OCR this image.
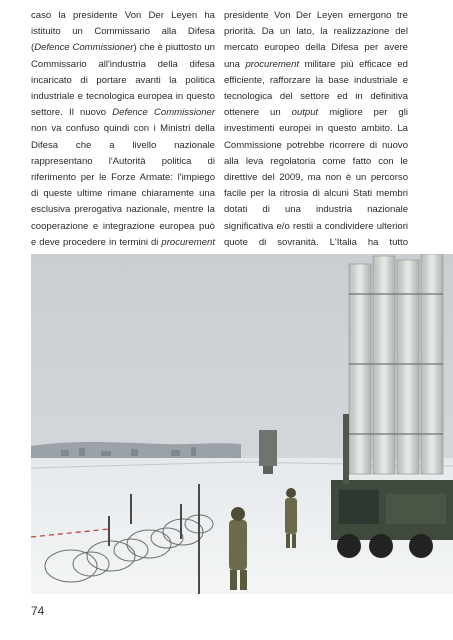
caso la presidente Von Der Leyen ha istituito un Commissario alla Difesa (Defence Commissioner) che è piuttosto un Commissario all'industria della difesa incaricato di portare avanti la politica industriale e tecnologica europea in questo settore. Il nuovo Defence Commissioner non va confuso quindi con i Ministri della Difesa che a livello nazionale rappresentano l'Autorità politica di riferimento per le Forze Armate: l'impiego di queste ultime rimane chiaramente una esclusiva prerogativa nazionale, mentre la cooperazione e integrazione europea può e deve procedere in termini di procurement

presidente Von Der Leyen emergono tre priorità. Da un lato, la realizzazione del mercato europeo della Difesa per avere una procurement militare più efficace ed efficiente, rafforzare la base industriale e tecnologica del settore ed in definitiva ottenere un output migliore per gli investimenti europei in questo ambito. La Commissione potrebbe ricorrere di nuovo alla leva regolatoria come fatto con le direttive del 2009, ma non è un percorso facile per la ritrosia di alcuni Stati membri dotati di una industria nazionale significativa e/o restii a condividere ulteriori quote di sovranità. L'Italia ha tutto

74
